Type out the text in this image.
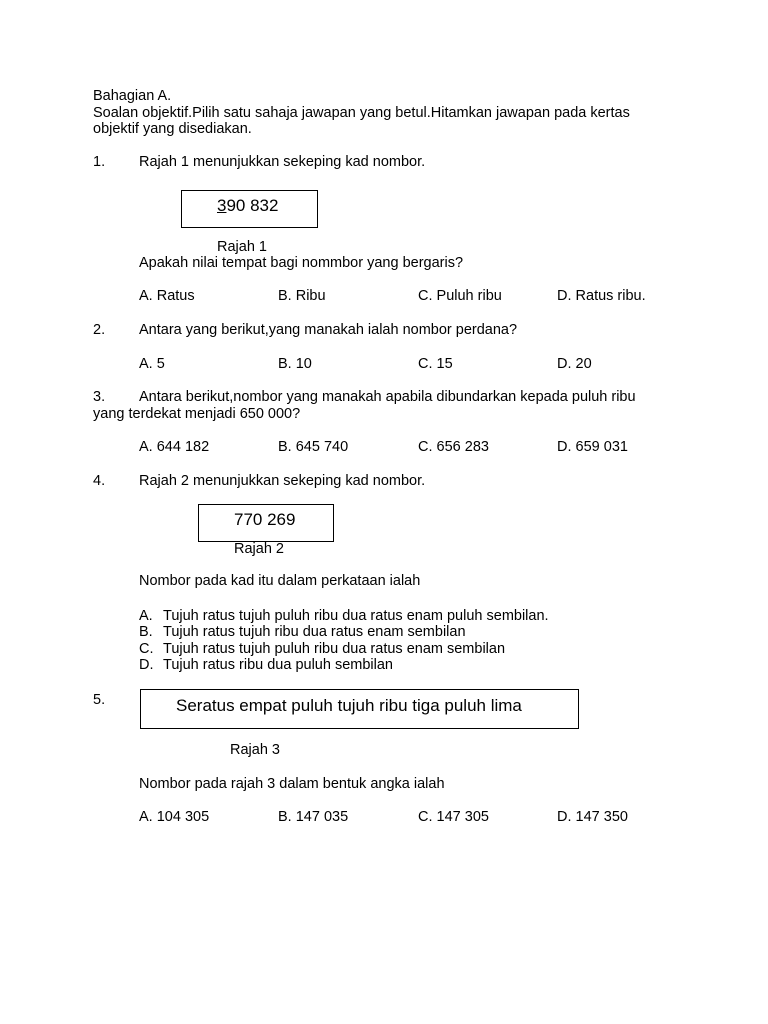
Bahagian A.
Soalan objektif.Pilih satu sahaja jawapan yang betul.Hitamkan jawapan pada kertas
objektif yang disediakan.
1. Rajah 1 menunjukkan sekeping kad nombor.
390 832
Rajah 1
Apakah nilai tempat bagi nommbor yang bergaris?
A. Ratus	B. Ribu	C. Puluh ribu	D. Ratus ribu.
2. Antara yang berikut,yang manakah ialah nombor perdana?
A. 5	B. 10	C. 15	D. 20
3. Antara berikut,nombor yang manakah apabila dibundarkan kepada puluh ribu
yang terdekat menjadi 650 000?
A. 644 182	B. 645 740	C. 656 283	D. 659 031
4. Rajah 2 menunjukkan sekeping kad nombor.
770 269
Rajah 2
Nombor pada kad itu dalam perkataan ialah
A. Tujuh ratus tujuh puluh ribu dua ratus enam puluh sembilan.
B. Tujuh ratus tujuh ribu dua ratus enam sembilan
C. Tujuh ratus tujuh puluh ribu dua ratus enam sembilan
D. Tujuh ratus ribu dua puluh sembilan
5.	Seratus empat puluh tujuh ribu tiga puluh lima
Rajah 3
Nombor pada rajah 3 dalam bentuk angka ialah
A. 104 305	B. 147 035	C. 147 305	D. 147 350
